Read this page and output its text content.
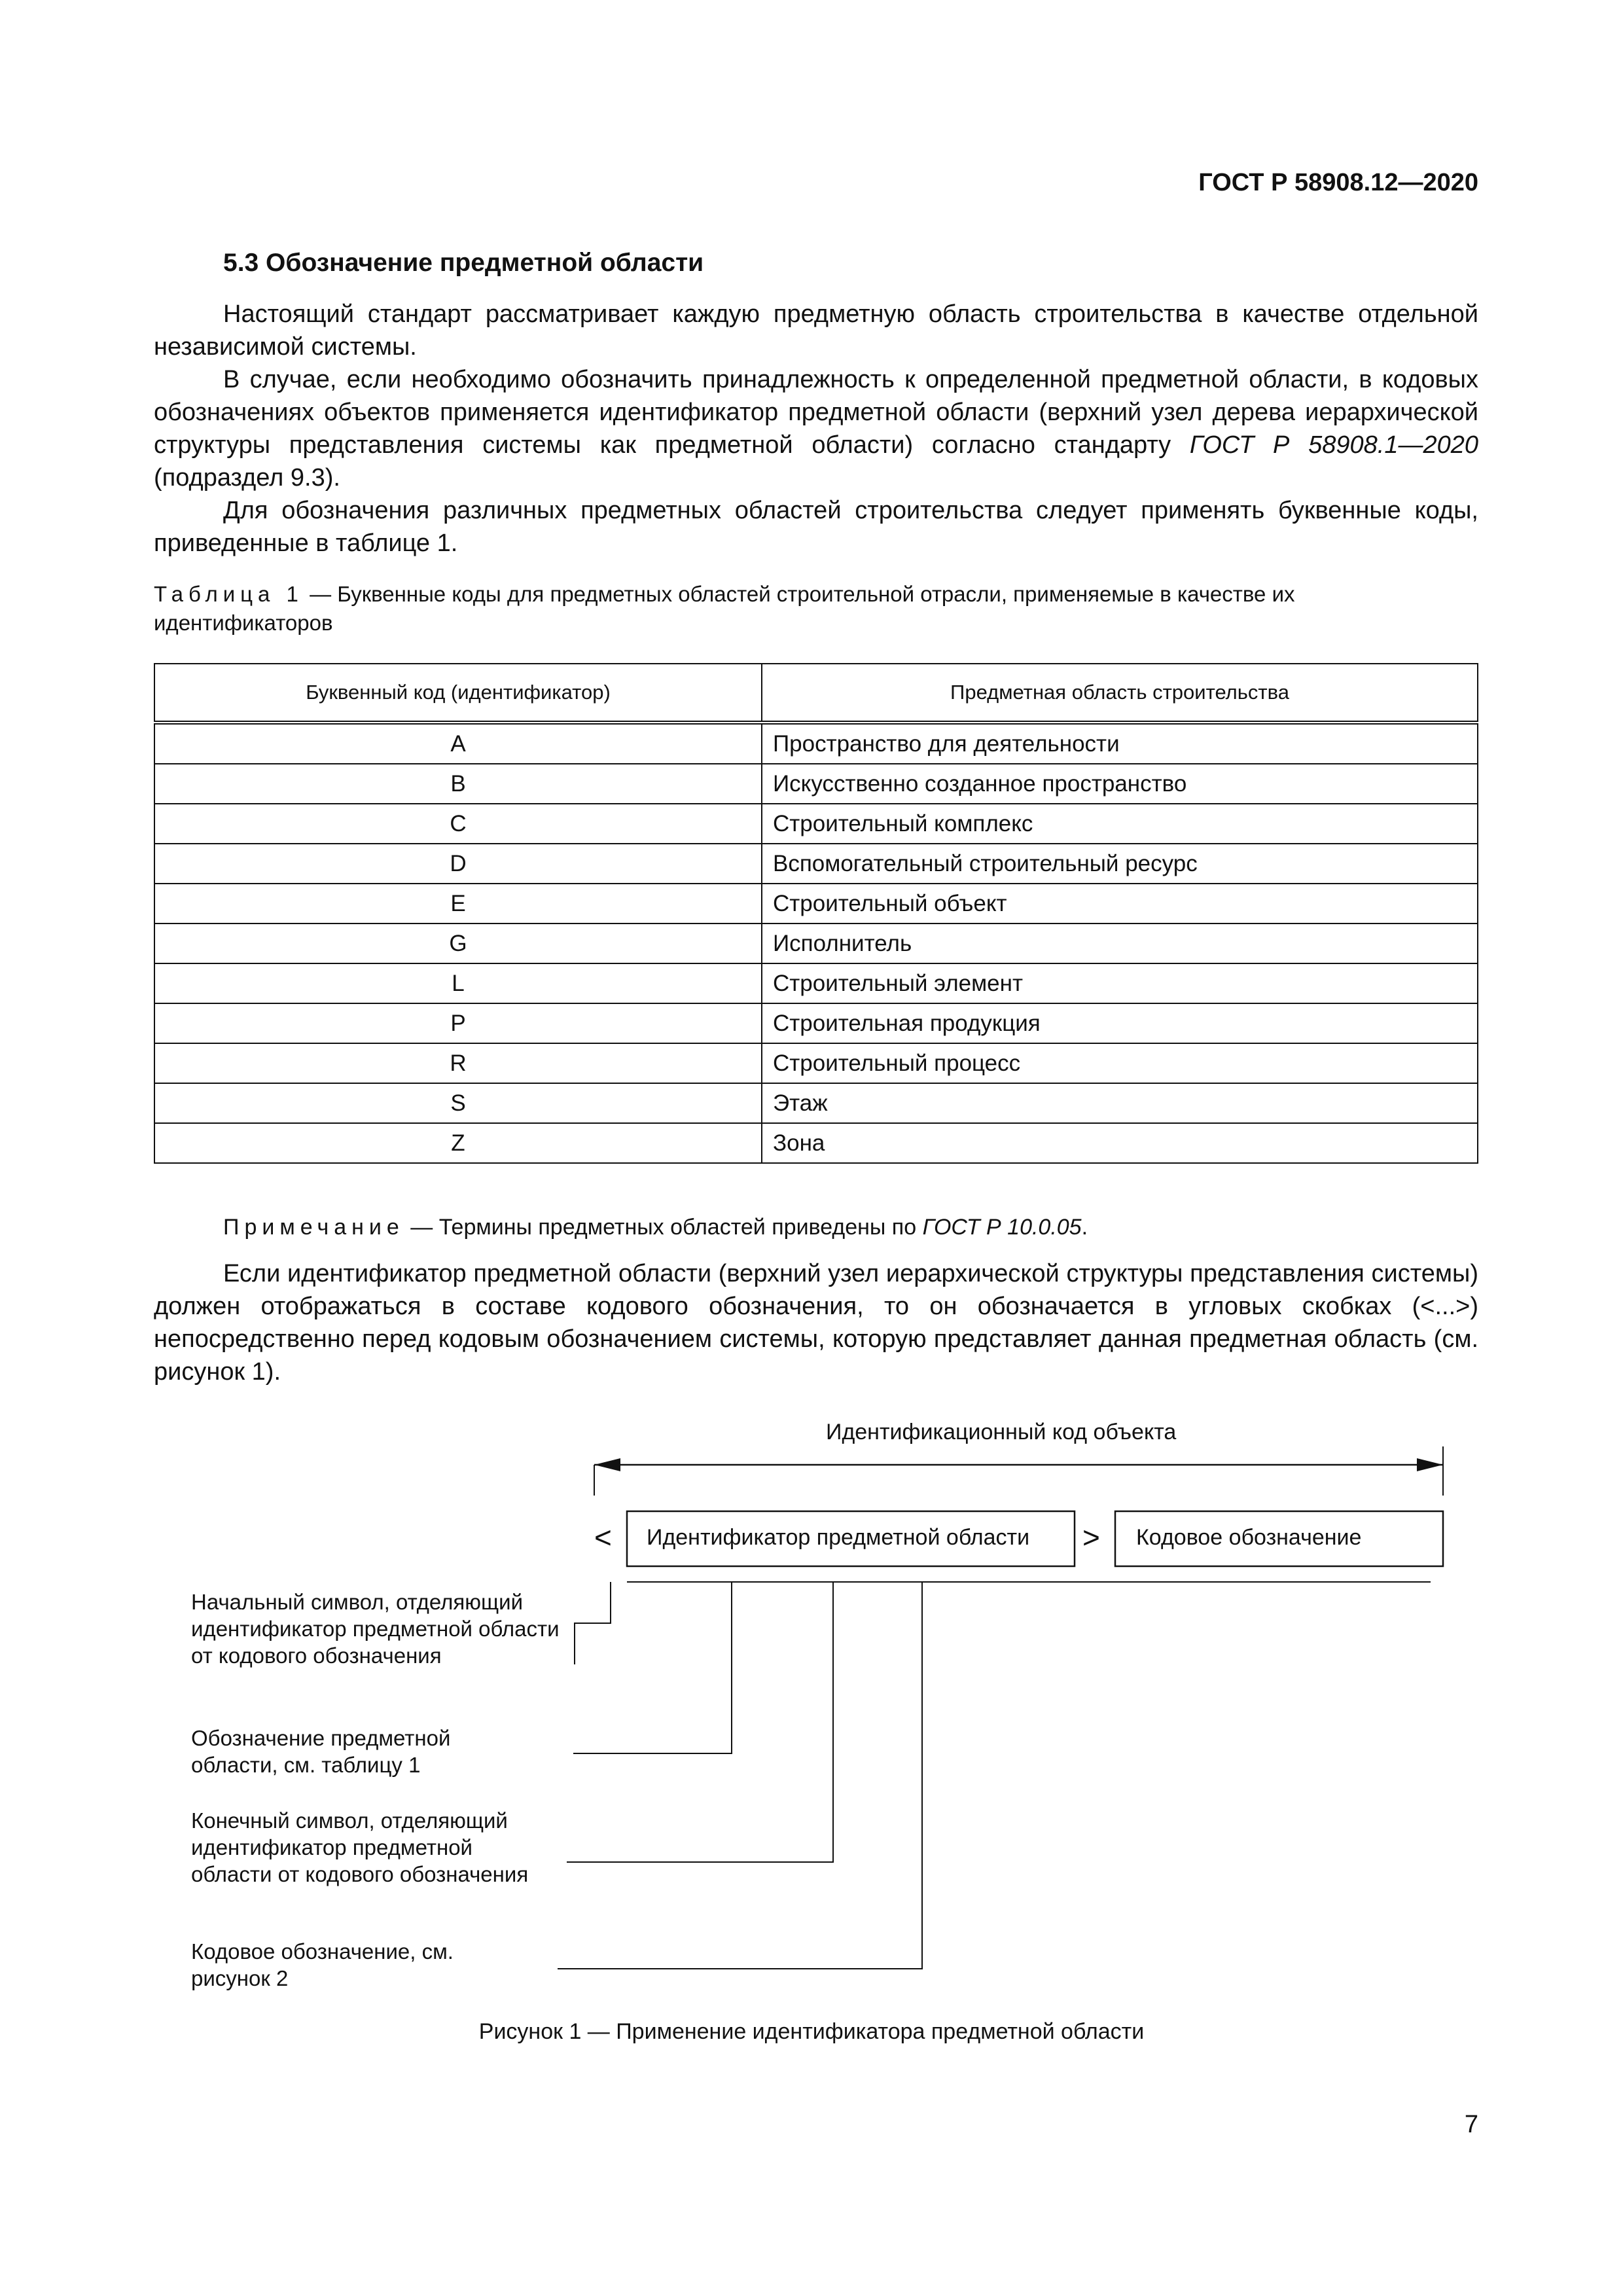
ГОСТ Р 58908.12—2020
5.3 Обозначение предметной области

Настоящий стандарт рассматривает каждую предметную область строительства в качестве отдельной независимой системы.

В случае, если необходимо обозначить принадлежность к определенной предметной области, в кодовых обозначениях объектов применяется идентификатор предметной области (верхний узел дерева иерархической структуры представления системы как предметной области) согласно стандарту ГОСТ Р 58908.1—2020 (подраздел 9.3).

Для обозначения различных предметных областей строительства следует применять буквенные коды, приведенные в таблице 1.

Таблица 1 — Буквенные коды для предметных областей строительной отрасли, применяемые в качестве их идентификаторов
Буквенный код (идентификатор)	Предметная область строительства
A	Пространство для деятельности
B	Искусственно созданное пространство
C	Строительный комплекс
D	Вспомогательный строительный ресурс
E	Строительный объект
G	Исполнитель
L	Строительный элемент
P	Строительная продукция
R	Строительный процесс
S	Этаж
Z	Зона
Примечание — Термины предметных областей приведены по ГОСТ Р 10.0.05.

Если идентификатор предметной области (верхний узел иерархической структуры представления системы) должен отображаться в составе кодового обозначения, то он обозначается в угловых скобках (<...>) непосредственно перед кодовым обозначением системы, которую представляет данная предметная область (см. рисунок 1).

Идентификационный код объекта
< Идентификатор предметной области > Кодовое обозначение
Начальный символ, отделяющий идентификатор предметной области от кодового обозначения
Обозначение предметной области, см. таблицу 1
Конечный символ, отделяющий идентификатор предметной области от кодового обозначения
Кодовое обозначение, см. рисунок 2
Рисунок 1 — Применение идентификатора предметной области
7
